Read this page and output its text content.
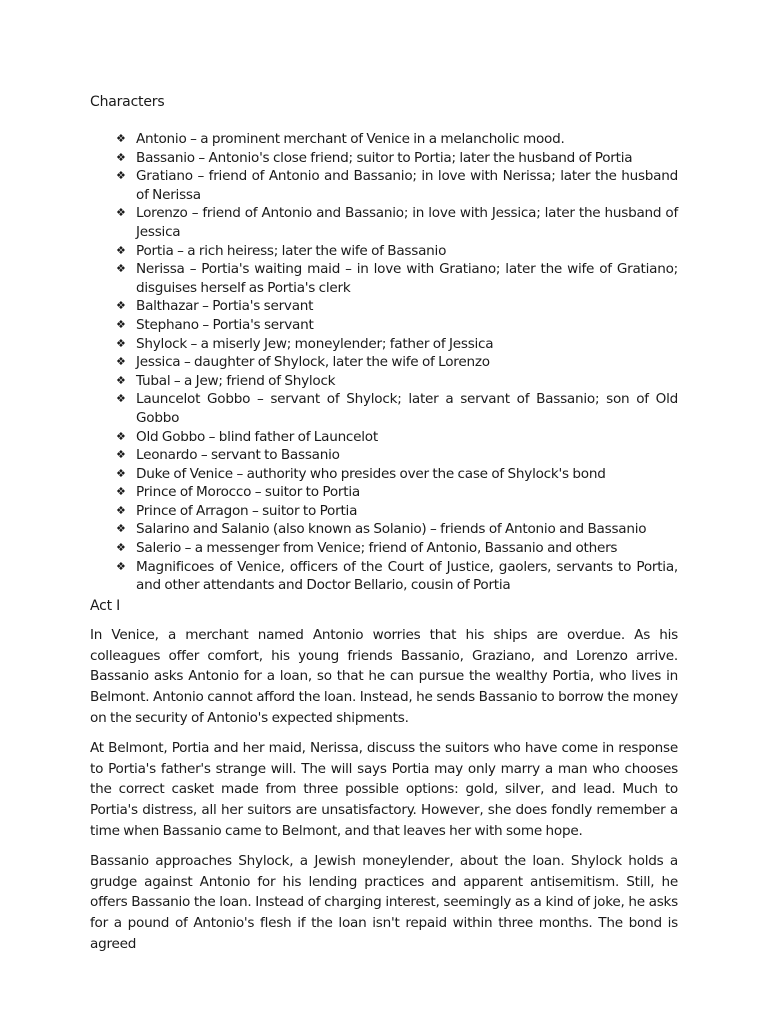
Characters
❖ Antonio – a prominent merchant of Venice in a melancholic mood.
❖ Bassanio – Antonio's close friend; suitor to Portia; later the husband of Portia
❖ Gratiano – friend of Antonio and Bassanio; in love with Nerissa; later the husband of Nerissa
❖ Lorenzo – friend of Antonio and Bassanio; in love with Jessica; later the husband of Jessica
❖ Portia – a rich heiress; later the wife of Bassanio
❖ Nerissa – Portia's waiting maid – in love with Gratiano; later the wife of Gratiano; disguises herself as Portia's clerk
❖ Balthazar – Portia's servant
❖ Stephano – Portia's servant
❖ Shylock – a miserly Jew; moneylender; father of Jessica
❖ Jessica – daughter of Shylock, later the wife of Lorenzo
❖ Tubal – a Jew; friend of Shylock
❖ Launcelot Gobbo – servant of Shylock; later a servant of Bassanio; son of Old Gobbo
❖ Old Gobbo – blind father of Launcelot
❖ Leonardo – servant to Bassanio
❖ Duke of Venice – authority who presides over the case of Shylock's bond
❖ Prince of Morocco – suitor to Portia
❖ Prince of Arragon – suitor to Portia
❖ Salarino and Salanio (also known as Solanio) – friends of Antonio and Bassanio
❖ Salerio – a messenger from Venice; friend of Antonio, Bassanio and others
❖ Magnificoes of Venice, officers of the Court of Justice, gaolers, servants to Portia, and other attendants and Doctor Bellario, cousin of Portia
Act I

In Venice, a merchant named Antonio worries that his ships are overdue. As his colleagues offer comfort, his young friends Bassanio, Graziano, and Lorenzo arrive. Bassanio asks Antonio for a loan, so that he can pursue the wealthy Portia, who lives in Belmont. Antonio cannot afford the loan. Instead, he sends Bassanio to borrow the money on the security of Antonio's expected shipments.

At Belmont, Portia and her maid, Nerissa, discuss the suitors who have come in response to Portia's father's strange will. The will says Portia may only marry a man who chooses the correct casket made from three possible options: gold, silver, and lead. Much to Portia's distress, all her suitors are unsatisfactory. However, she does fondly remember a time when Bassanio came to Belmont, and that leaves her with some hope.

Bassanio approaches Shylock, a Jewish moneylender, about the loan. Shylock holds a grudge against Antonio for his lending practices and apparent antisemitism. Still, he offers Bassanio the loan. Instead of charging interest, seemingly as a kind of joke, he asks for a pound of Antonio's flesh if the loan isn't repaid within three months. The bond is agreed
